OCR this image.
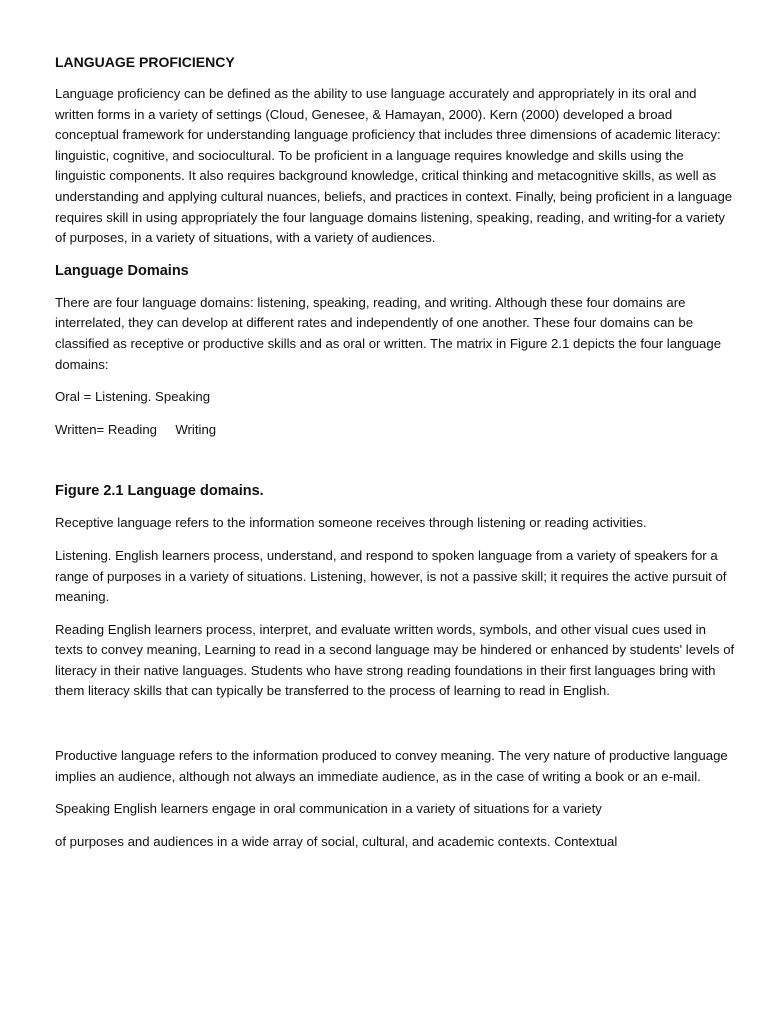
LANGUAGE PROFICIENCY

Language proficiency can be defined as the ability to use language accurately and appropriately in its oral and written forms in a variety of settings (Cloud, Genesee, & Hamayan, 2000). Kern (2000) developed a broad conceptual framework for understanding language proficiency that includes three dimensions of academic literacy: linguistic, cognitive, and sociocultural. To be proficient in a language requires knowledge and skills using the linguistic components. It also requires background knowledge, critical thinking and metacognitive skills, as well as understanding and applying cultural nuances, beliefs, and practices in context. Finally, being proficient in a language requires skill in using appropriately the four language domains listening, speaking, reading, and writing-for a variety of purposes, in a variety of situations, with a variety of audiences.

Language Domains

There are four language domains: listening, speaking, reading, and writing. Although these four domains are interrelated, they can develop at different rates and independently of one another. These four domains can be classified as receptive or productive skills and as oral or written. The matrix in Figure 2.1 depicts the four language domains:

Oral = Listening. Speaking

Written= Reading     Writing

Figure 2.1 Language domains.

Receptive language refers to the information someone receives through listening or reading activities.

Listening. English learners process, understand, and respond to spoken language from a variety of speakers for a range of purposes in a variety of situations. Listening, however, is not a passive skill; it requires the active pursuit of meaning.

Reading English learners process, interpret, and evaluate written words, symbols, and other visual cues used in texts to convey meaning, Learning to read in a second language may be hindered or enhanced by students' levels of literacy in their native languages. Students who have strong reading foundations in their first languages bring with them literacy skills that can typically be transferred to the process of learning to read in English.

Productive language refers to the information produced to convey meaning. The very nature of productive language implies an audience, although not always an immediate audience, as in the case of writing a book or an e-mail.

Speaking English learners engage in oral communication in a variety of situations for a variety

of purposes and audiences in a wide array of social, cultural, and academic contexts. Contextual
